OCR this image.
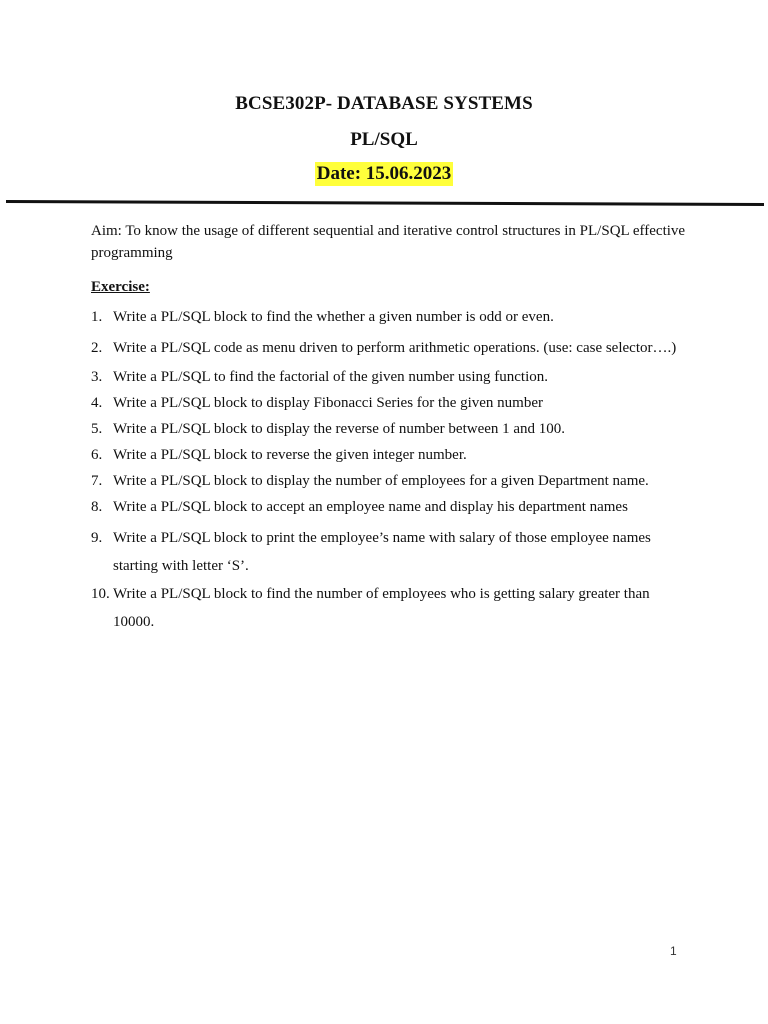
BCSE302P- DATABASE SYSTEMS

PL/SQL

Date: 15.06.2023

Aim: To know the usage of different sequential and iterative control structures in PL/SQL effective programming

Exercise:

1. Write a PL/SQL block to find the whether a given number is odd or even.
2. Write a PL/SQL code as menu driven to perform arithmetic operations. (use: case selector….)
3. Write a PL/SQL to find the factorial of the given number using function.
4. Write a PL/SQL block to display Fibonacci Series for the given number
5. Write a PL/SQL block to display the reverse of number between 1 and 100.
6. Write a PL/SQL block to reverse the given integer number.
7. Write a PL/SQL block to display the number of employees for a given Department name.
8. Write a PL/SQL block to accept an employee name and display his department names
9. Write a PL/SQL block to print the employee’s name with salary of those employee names starting with letter ‘S’.
10. Write a PL/SQL block to find the number of employees who is getting salary greater than 10000.
1
